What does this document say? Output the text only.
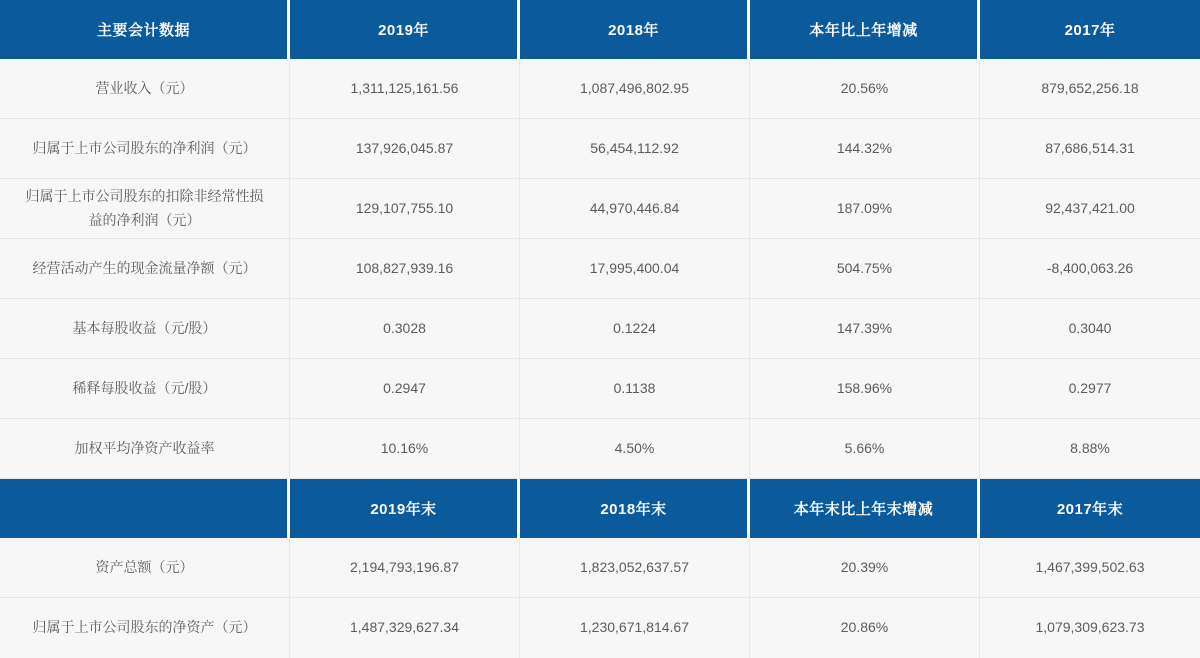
主要会计数据	2019年	2018年	本年比上年增减	2017年
营业收入（元）	1,311,125,161.56	1,087,496,802.95	20.56%	879,652,256.18
归属于上市公司股东的净利润（元）	137,926,045.87	56,454,112.92	144.32%	87,686,514.31
归属于上市公司股东的扣除非经常性损益的净利润（元）	129,107,755.10	44,970,446.84	187.09%	92,437,421.00
经营活动产生的现金流量净额（元）	108,827,939.16	17,995,400.04	504.75%	-8,400,063.26
基本每股收益（元/股）	0.3028	0.1224	147.39%	0.3040
稀释每股收益（元/股）	0.2947	0.1138	158.96%	0.2977
加权平均净资产收益率	10.16%	4.50%	5.66%	8.88%
	2019年末	2018年末	本年末比上年末增减	2017年末
资产总额（元）	2,194,793,196.87	1,823,052,637.57	20.39%	1,467,399,502.63
归属于上市公司股东的净资产（元）	1,487,329,627.34	1,230,671,814.67	20.86%	1,079,309,623.73
